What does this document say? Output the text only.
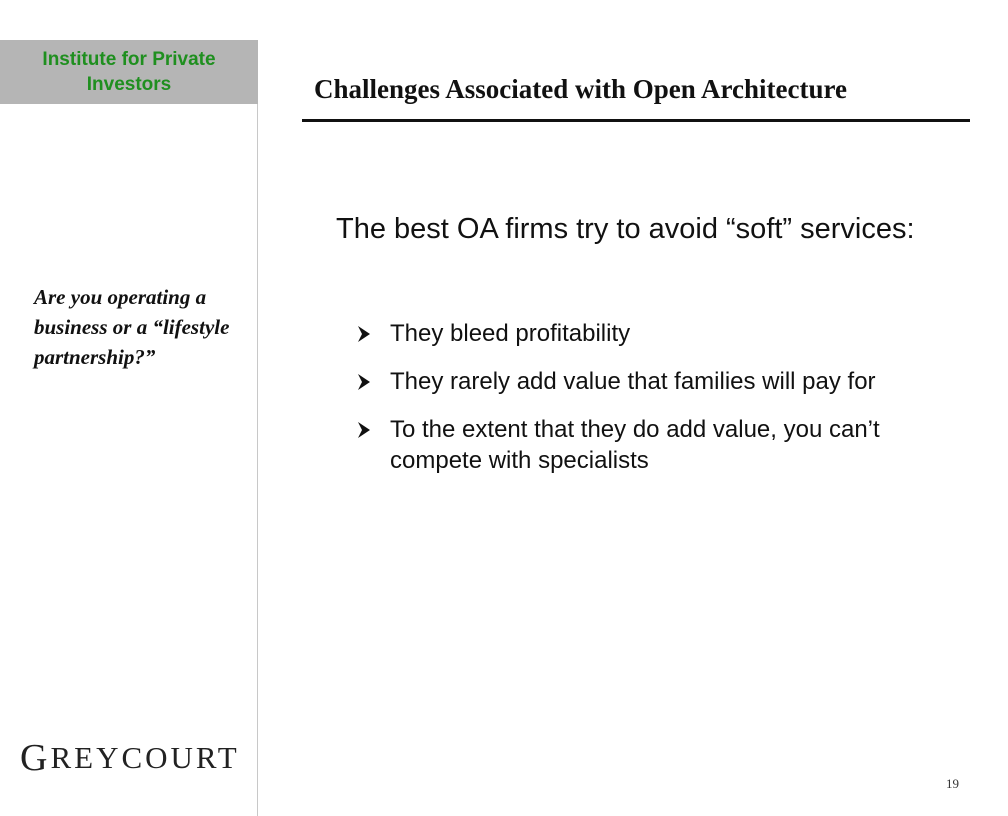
Institute for Private
Investors	Challenges Associated with Open Architecture
Are you operating a business or a “lifestyle partnership?”
The best OA firms try to avoid “soft” services:
They bleed profitability
They rarely add value that families will pay for
To the extent that they do add value, you can’t compete with specialists
G REYCOURT
19
